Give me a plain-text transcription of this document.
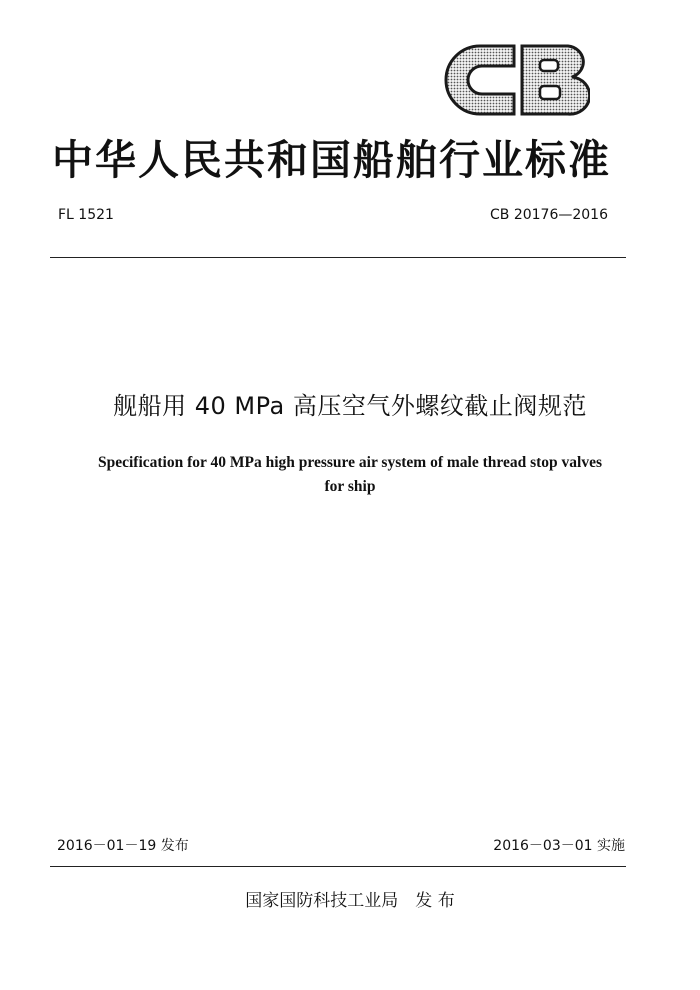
中华人民共和国船舶行业标准
FL 1521	CB 20176—2016
舰船用 40 MPa 高压空气外螺纹截止阀规范
Specification for 40 MPa high pressure air system of male thread stop valves
for ship
2016－01－19 发布	2016－03－01 实施
国家国防科技工业局　发 布
